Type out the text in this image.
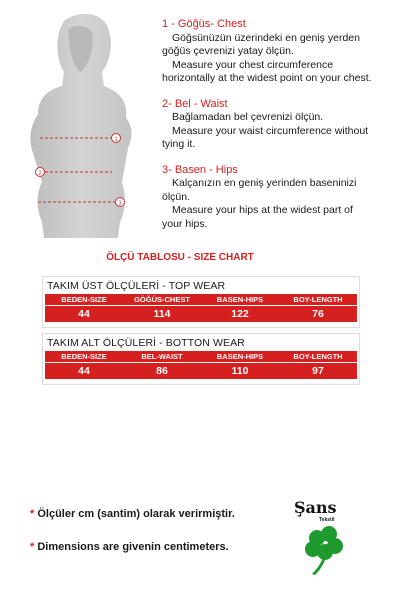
1
2
3
1 - Göğüs- Chest
Göğsünüzün üzerindeki en geniş yerden
göğüs çevrenizi yatay ölçün.
Measure your chest circumference
horizontally at the widest point on your chest.
2- Bel - Waist
Bağlamadan bel çevrenizi ölçün.
Measure your waist circumference without
tying it.
3- Basen - Hips
Kalçanızın en geniş yerinden baseninizi
ölçün.
Measure your hips at the widest part of
your hips.
ÖLÇÜ TABLOSU - SIZE CHART
TAKIM ÜST ÖLÇÜLERİ - TOP WEAR
BEDEN-SIZE	GÖĞÜS-CHEST	BASEN-HIPS	BOY-LENGTH
44	114	122	76
TAKIM ALT ÖLÇÜLERİ - BOTTON WEAR
BEDEN-SIZE	BEL-WAIST	BASEN-HIPS	BOY-LENGTH
44	86	110	97
* Ölçüler cm (santim) olarak verirmiştir.
* Dimensions are givenin centimeters.
Şans
Tekstil
